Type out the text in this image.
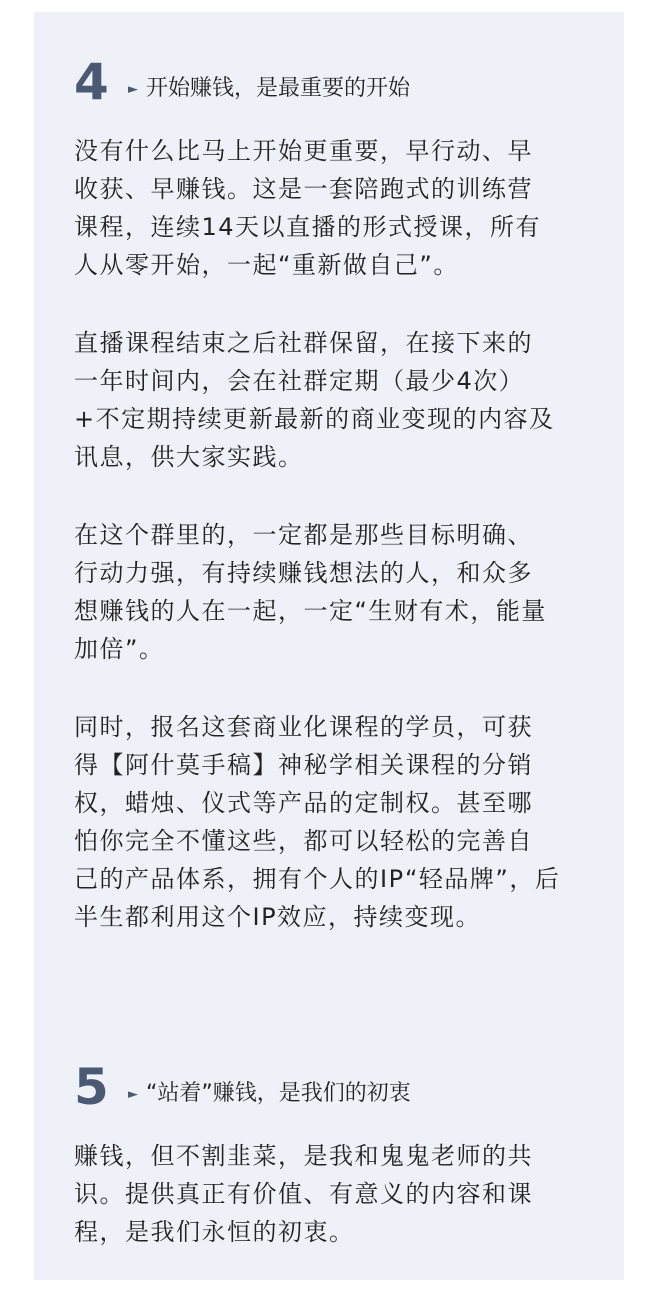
4 ► 开始赚钱，是最重要的开始
没有什么比马上开始更重要，早行动、早
收获、早赚钱。这是一套陪跑式的训练营
课程，连续14天以直播的形式授课，所有
人从零开始，一起“重新做自己”。
直播课程结束之后社群保留，在接下来的
一年时间内，会在社群定期（最少4次）
+不定期持续更新最新的商业变现的内容及
讯息，供大家实践。
在这个群里的，一定都是那些目标明确、
行动力强，有持续赚钱想法的人，和众多
想赚钱的人在一起，一定“生财有术，能量
加倍”。
同时，报名这套商业化课程的学员，可获
得【阿什莫手稿】神秘学相关课程的分销
权，蜡烛、仪式等产品的定制权。甚至哪
怕你完全不懂这些，都可以轻松的完善自
己的产品体系，拥有个人的IP“轻品牌”，后
半生都利用这个IP效应，持续变现。
5 ► “站着”赚钱，是我们的初衷
赚钱，但不割韭菜，是我和鬼鬼老师的共
识。提供真正有价值、有意义的内容和课
程，是我们永恒的初衷。
